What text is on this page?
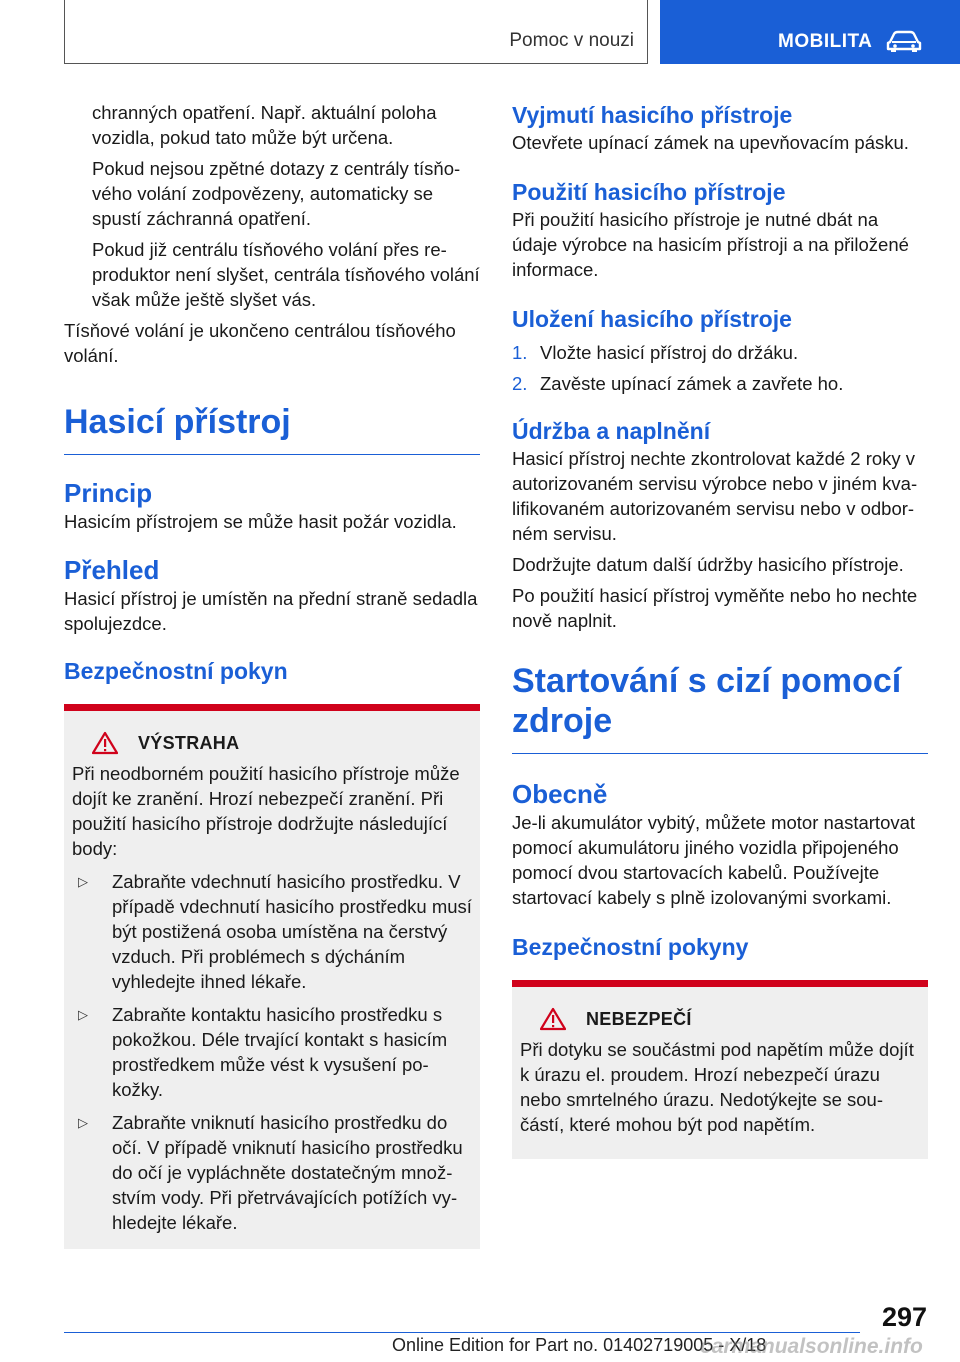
Pomoc v nouzi	MOBILITA

chranných opatření. Např. aktuální poloha vozidla, pokud tato může být určena.

Pokud nejsou zpětné dotazy z centrály tísňového volání zodpovězeny, automaticky se spustí záchranná opatření.

Pokud již centrálu tísňového volání přes reproduktor není slyšet, centrála tísňového volání však může ještě slyšet vás.

Tísňové volání je ukončeno centrálou tísňového volání.

Hasicí přístroj
Princip

Hasicím přístrojem se může hasit požár vozidla.

Přehled

Hasicí přístroj je umístěn na přední straně sedadla spolujezdce.

Bezpečnostní pokyn
VÝSTRAHA

Při neodborném použití hasicího přístroje může dojít ke zranění. Hrozí nebezpečí zranění. Při použití hasicího přístroje dodržujte následující body:

▷	Zabraňte vdechnutí hasicího prostředku. V případě vdechnutí hasicího prostředku musí být postižená osoba umístěna na čerstvý vzduch. Při problémech s dýcháním vyhledejte ihned lékaře.

▷	Zabraňte kontaktu hasicího prostředku s pokožkou. Déle trvající kontakt s hasicím prostředkem může vést k vysušení pokožky.

▷	Zabraňte vniknutí hasicího prostředku do očí. V případě vniknutí hasicího prostředku do očí je vypláchněte dostatečným množstvím vody. Při přetrvávajících potížích vyhledejte lékaře.

Vyjmutí hasicího přístroje

Otevřete upínací zámek na upevňovacím pásku.

Použití hasicího přístroje

Při použití hasicího přístroje je nutné dbát na údaje výrobce na hasicím přístroji a na přiložené informace.

Uložení hasicího přístroje
1. Vložte hasicí přístroj do držáku.

2. Zavěste upínací zámek a zavřete ho.

Údržba a naplnění

Hasicí přístroj nechte zkontrolovat každé 2 roky v autorizovaném servisu výrobce nebo v jiném kvalifikovaném autorizovaném servisu nebo v odborném servisu.

Dodržujte datum další údržby hasicího přístroje.

Po použití hasicí přístroj vyměňte nebo ho nechte nově naplnit.

Startování s cizí pomocí zdroje
Obecně

Je-li akumulátor vybitý, můžete motor nastartovat pomocí akumulátoru jiného vozidla připojeného pomocí dvou startovacích kabelů. Používejte startovací kabely s plně izolovanými svorkami.

Bezpečnostní pokyny
NEBEZPEČÍ

Při dotyku se součástmi pod napětím může dojít k úrazu el. proudem. Hrozí nebezpečí úrazu nebo smrtelného úrazu. Nedotýkejte se součástí, které mohou být pod napětím.

297
Online Edition for Part no. 01402719005 - X/18
carmanualsonline.info
